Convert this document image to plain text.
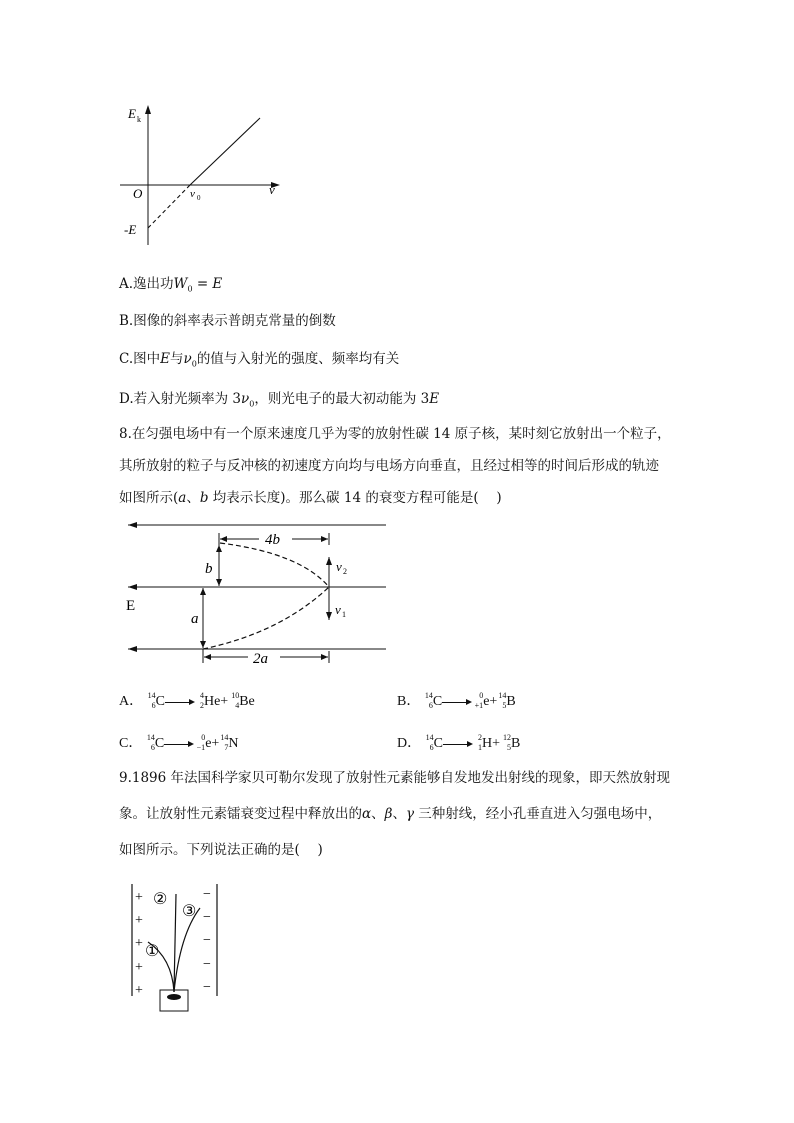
E k
O	ν 0
ν
-E
A.逸出功$W_0 = E$
B.图像的斜率表示普朗克常量的倒数
C.图中E与$\nu_0$的值与入射光的强度、频率均有关
D.若入射光频率为 $3\nu_0$，则光电子的最大初动能为 3E
8.在匀强电场中有一个原来速度几乎为零的放射性碳 14 原子核，某时刻它放射出一个粒子，
其所放射的粒子与反冲核的初速度方向均与电场方向垂直，且经过相等的时间后形成的轨迹
如图所示(a、b 均表示长度)。那么碳 14 的衰变方程可能是(　 )
4b
b
a
2a
v 2
v 1
E
A． 14
6 C	4
2 He+ 10
4 Be	B． 14
6 C	0
+1 e+ 14
5 B
C． 14
6 C	0
−1 e+ 14
7 N	D． 14
6 C	2
1 H+ 12
5 B
9.1896 年法国科学家贝可勒尔发现了放射性元素能够自发地发出射线的现象，即天然放射现
象。让放射性元素镭衰变过程中释放出的α、β、γ 三种射线，经小孔垂直进入匀强电场中，
如图所示。下列说法正确的是(　 )
+
+
+
+
+
−
−
−
−
−
①
②
③
